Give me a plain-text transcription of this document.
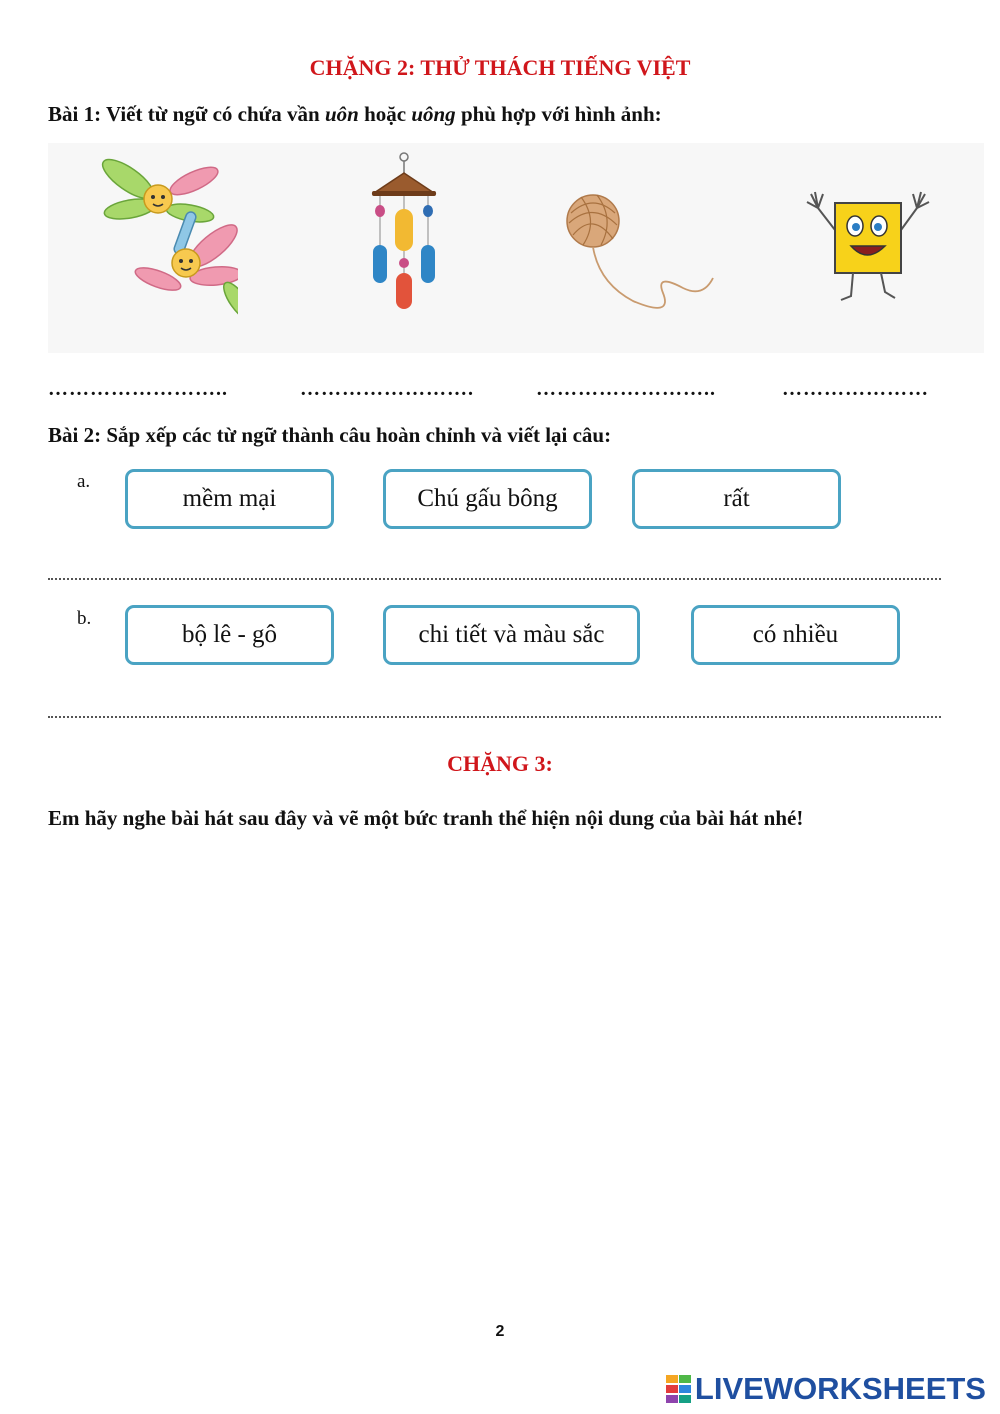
CHẶNG 2: THỬ THÁCH TIẾNG VIỆT
Bài 1: Viết từ ngữ có chứa vần uôn hoặc uông phù hợp với hình ảnh:
……………………..	…………………….	……………………..	…………………
Bài 2: Sắp xếp các từ ngữ thành câu hoàn chỉnh và viết lại câu:
a.
mềm mại	Chú gấu bông	rất
b.
bộ lê - gô	chi tiết và màu sắc	có nhiều
CHẶNG 3:
Em hãy nghe bài hát sau đây và vẽ một bức tranh thể hiện nội dung của bài hát nhé!
2
LIVEWORKSHEETS
